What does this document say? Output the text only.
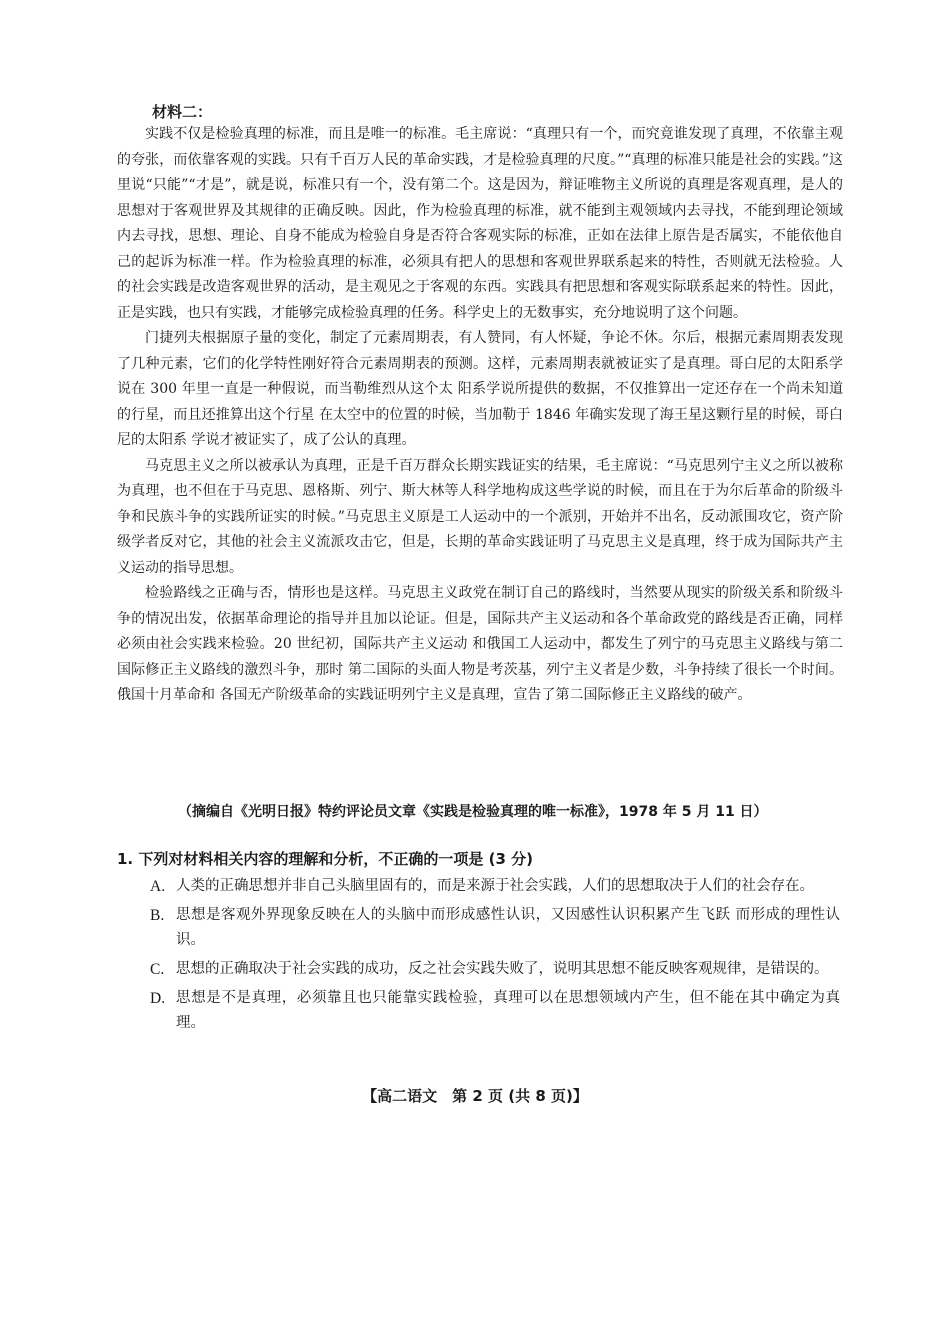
材料二：

实践不仅是检验真理的标准，而且是唯一的标准。毛主席说：“真理只有一个，而究竟谁发现了真理，不依靠主观的夸张，而依靠客观的实践。只有千百万人民的革命实践，才是检验真理的尺度。”“真理的标准只能是社会的实践。”这里说“只能”“才是”，就是说，标准只有一个，没有第二个。这是因为，辩证唯物主义所说的真理是客观真理，是人的思想对于客观世界及其规律的正确反映。因此，作为检验真理的标准，就不能到主观领域内去寻找，不能到理论领域内去寻找，思想、理论、自身不能成为检验自身是否符合客观实际的标准，正如在法律上原告是否属实，不能依他自己的起诉为标准一样。作为检验真理的标准，必须具有把人的思想和客观世界联系起来的特性，否则就无法检验。人的社会实践是改造客观世界的活动，是主观见之于客观的东西。实践具有把思想和客观实际联系起来的特性。因此，正是实践，也只有实践，才能够完成检验真理的任务。科学史上的无数事实，充分地说明了这个问题。

门捷列夫根据原子量的变化，制定了元素周期表，有人赞同，有人怀疑，争论不休。尔后，根据元素周期表发现了几种元素，它们的化学特性刚好符合元素周期表的预测。这样，元素周期表就被证实了是真理。哥白尼的太阳系学说在 300 年里一直是一种假说，而当勒维烈从这个太 阳系学说所提供的数据，不仅推算出一定还存在一个尚未知道的行星，而且还推算出这个行星 在太空中的位置的时候，当加勒于 1846 年确实发现了海王星这颗行星的时候，哥白尼的太阳系 学说才被证实了，成了公认的真理。

马克思主义之所以被承认为真理，正是千百万群众长期实践证实的结果，毛主席说：“马克思列宁主义之所以被称为真理，也不但在于马克思、恩格斯、列宁、斯大林等人科学地构成这些学说的时候，而且在于为尔后革命的阶级斗争和民族斗争的实践所证实的时候。”马克思主义原是工人运动中的一个派别，开始并不出名，反动派围攻它，资产阶级学者反对它，其他的社会主义流派攻击它，但是，长期的革命实践证明了马克思主义是真理，终于成为国际共产主义运动的指导思想。

检验路线之正确与否，情形也是这样。马克思主义政党在制订自己的路线时，当然要从现实的阶级关系和阶级斗争的情况出发，依据革命理论的指导并且加以论证。但是，国际共产主义运动和各个革命政党的路线是否正确，同样必须由社会实践来检验。20 世纪初，国际共产主义运动 和俄国工人运动中，都发生了列宁的马克思主义路线与第二国际修正主义路线的激烈斗争，那时 第二国际的头面人物是考茨基，列宁主义者是少数，斗争持续了很长一个时间。俄国十月革命和 各国无产阶级革命的实践证明列宁主义是真理，宣告了第二国际修正主义路线的破产。

（摘编自《光明日报》特约评论员文章《实践是检验真理的唯一标准》，1978 年 5 月 11 日）
1. 下列对材料相关内容的理解和分析，不正确的一项是 (3 分)
A. 人类的正确思想并非自己头脑里固有的，而是来源于社会实践，人们的思想取决于人们的社会存在。
B. 思想是客观外界现象反映在人的头脑中而形成感性认识，又因感性认识积累产生飞跃 而形成的理性认识。
C. 思想的正确取决于社会实践的成功，反之社会实践失败了，说明其思想不能反映客观规律，是错误的。
D. 思想是不是真理，必须靠且也只能靠实践检验，真理可以在思想领域内产生，但不能在其中确定为真理。
【高二语文　第 2 页 (共 8 页)】
